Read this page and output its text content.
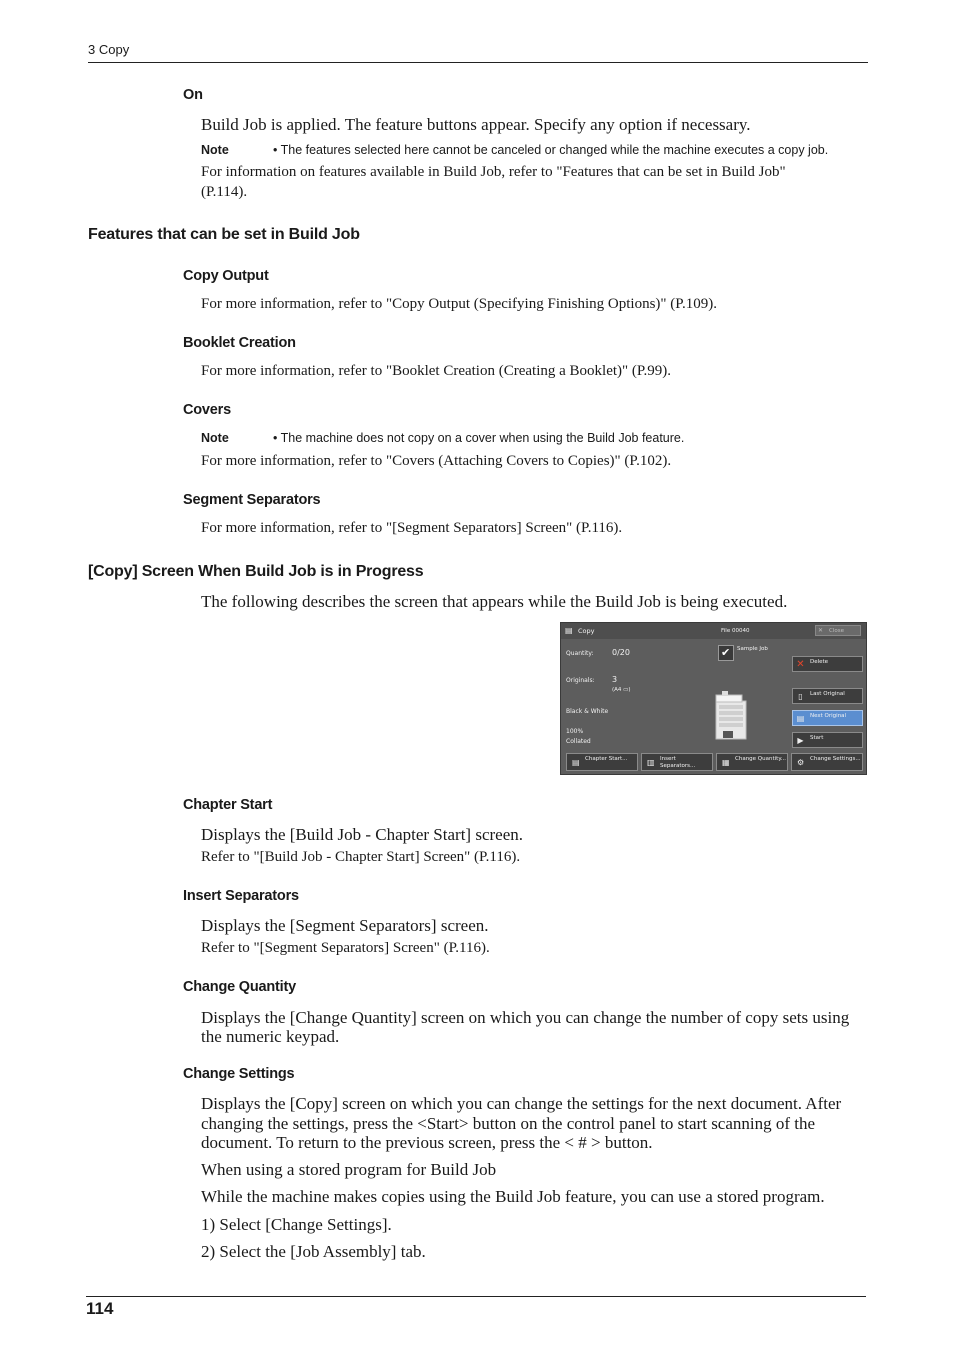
3 Copy
On
Build Job is applied. The feature buttons appear. Specify any option if necessary.
Note	• The features selected here cannot be canceled or changed while the machine executes a copy job.
For information on features available in Build Job, refer to "Features that can be set in Build Job"
(P.114).
Features that can be set in Build Job
Copy Output
For more information, refer to "Copy Output (Specifying Finishing Options)" (P.109).
Booklet Creation
For more information, refer to "Booklet Creation (Creating a Booklet)" (P.99).
Covers
Note	• The machine does not copy on a cover when using the Build Job feature.
For more information, refer to "Covers (Attaching Covers to Copies)" (P.102).
Segment Separators
For more information, refer to "[Segment Separators] Screen" (P.116).
[Copy] Screen When Build Job is in Progress
The following describes the screen that appears while the Build Job is being executed.
▤ Copy	File 00040	✕ Close
Quantity: 0/20
Originals: 3
(A4 ▭)
Black & White
100%
Collated
✔ Sample Job
✕ Delete
▯	Last Original
▤ Next Original
▶ Start
▤ Chapter Start...	▥ Insert Separators...	▦ Change Quantity... ⚙	Change Settings...
Chapter Start
Displays the [Build Job - Chapter Start] screen.
Refer to "[Build Job - Chapter Start] Screen" (P.116).
Insert Separators
Displays the [Segment Separators] screen.
Refer to "[Segment Separators] Screen" (P.116).
Change Quantity
Displays the [Change Quantity] screen on which you can change the number of copy sets using the numeric keypad.
Change Settings
Displays the [Copy] screen on which you can change the settings for the next document. After changing the settings, press the <Start> button on the control panel to start scanning of the document. To return to the previous screen, press the < # > button.
When using a stored program for Build Job
While the machine makes copies using the Build Job feature, you can use a stored program.
1) Select [Change Settings].
2) Select the [Job Assembly] tab.
114
